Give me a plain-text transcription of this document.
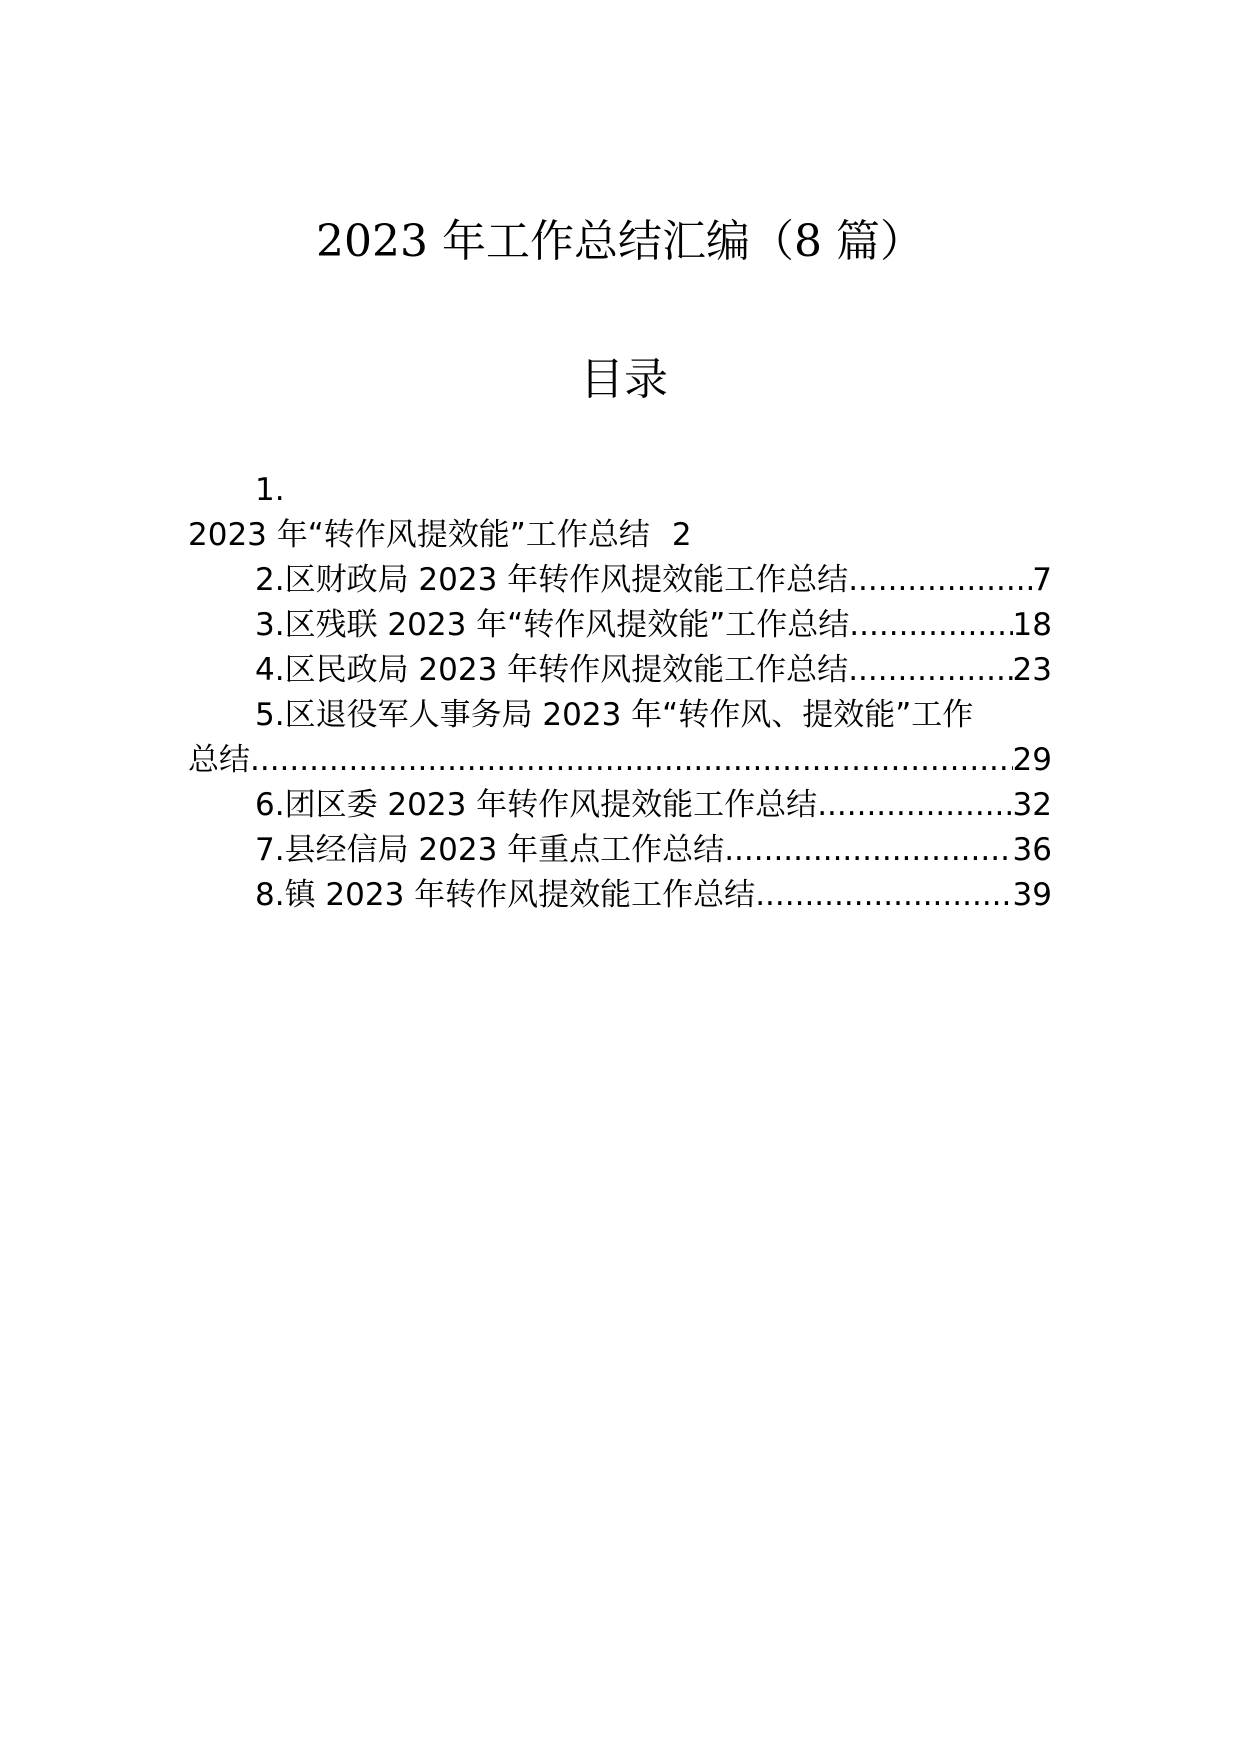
2023 年工作总结汇编（8 篇）
目录
1.
2023 年“转作风提效能”工作总结 2
2.区财政局 2023 年转作风提效能工作总结 .....	7
3.区残联 2023 年“转作风提效能”工作总结 .....	18
4.区民政局 2023 年转作风提效能工作总结 .....	23
5.区退役军人事务局 2023 年“转作风、提效能”工作
总结 .....	29
6.团区委 2023 年转作风提效能工作总结 .....	32
7.县经信局 2023 年重点工作总结 .....	36
8.镇 2023 年转作风提效能工作总结 .....	39
